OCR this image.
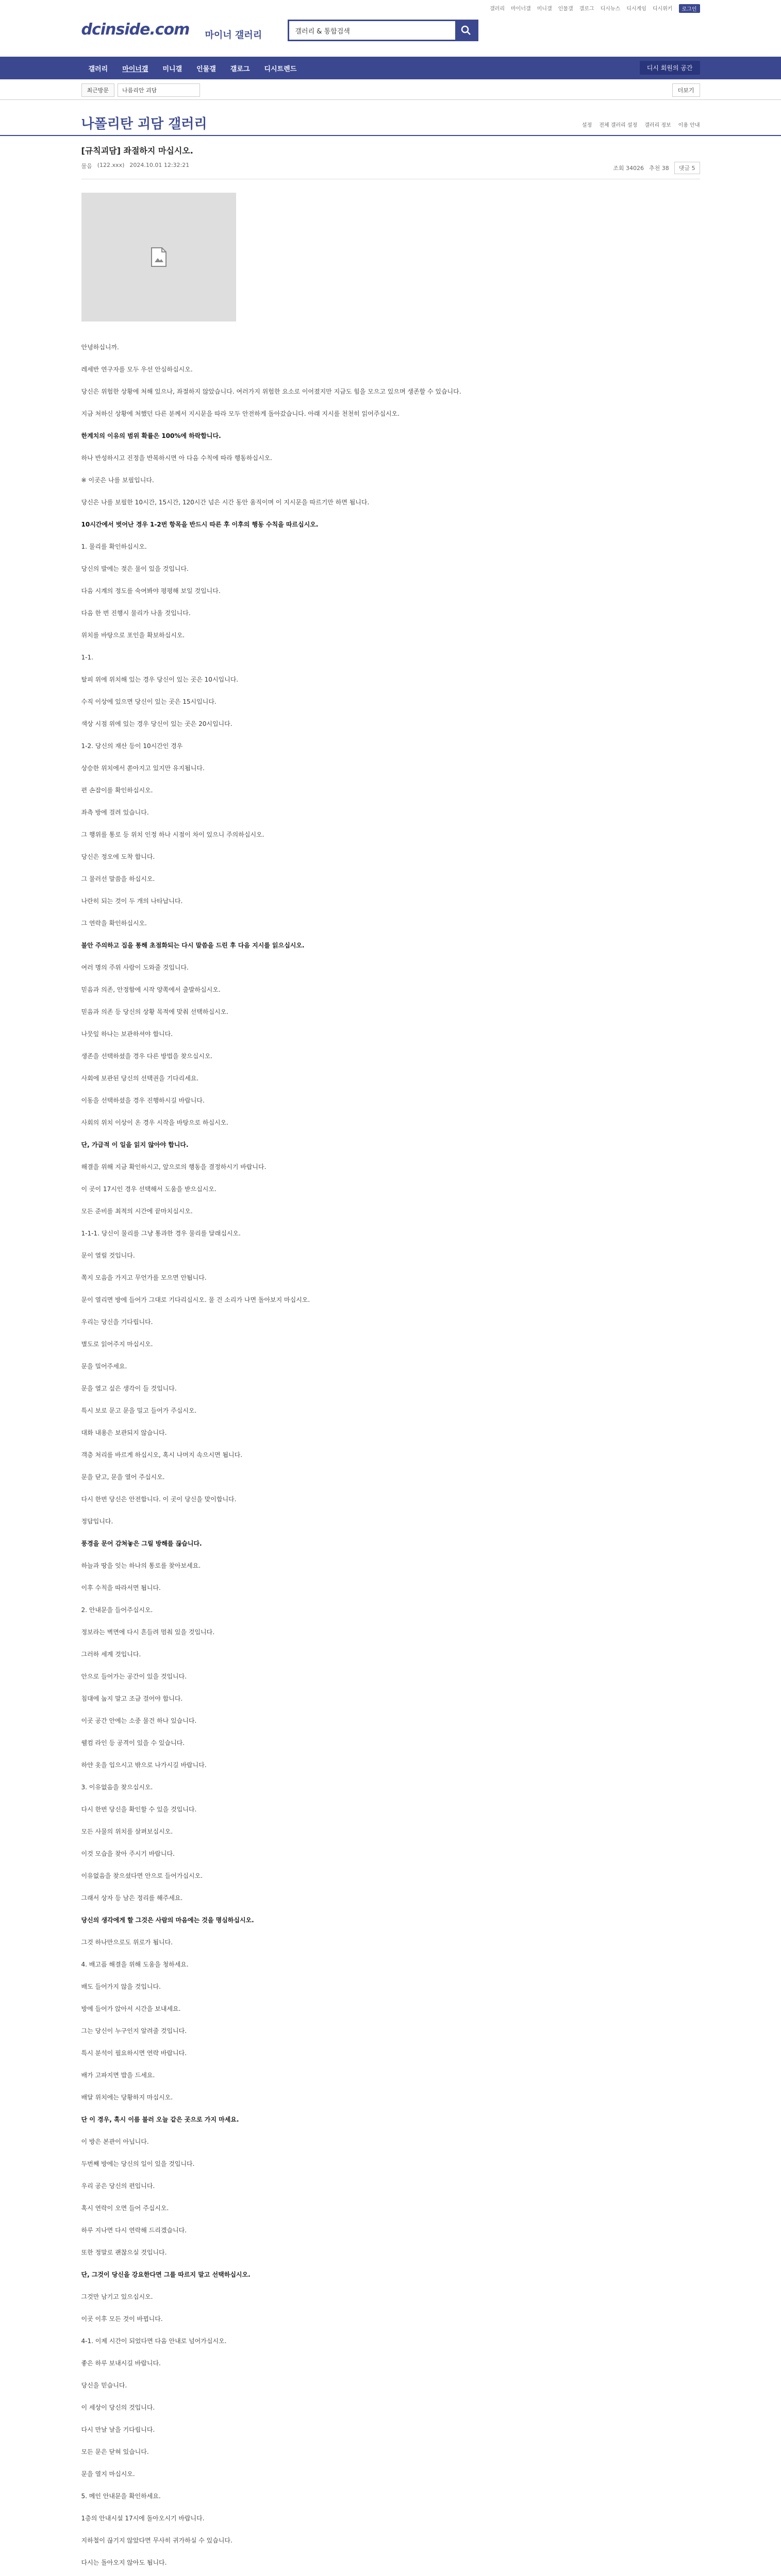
갤러리 마이너갤 미니갤 인물갤 갤로그 디시뉴스 디시게임 디시위키	로그인
dcinside.com 마이너 갤러리
갤러리 & 통합검색
갤러리	마이너갤	미니갤	인물갤	갤로그	디시트렌드	디시 회원의 공간
최근방문	나름리안 괴담	더보기
나폴리탄 괴담 갤러리	설정 전체 갤러리 설정 갤러리 정보 이용 안내
[규칙괴담] 좌절하지 마십시오.
물음 (122.xxx) 2024.10.01 12:32:21	조회 34026 추천 38	댓글 5

안녕하십니까.

레세반 연구자를 모두 우선 안심하십시오.

당신은 위험한 상황에 처해 있으나, 좌절하지 않았습니다. 여러가지 위험한 요소로 이어졌지만 지금도 힘을 모으고 있으며 생존할 수 있습니다.

지금 처하신 상황에 처했던 다른 분께서 지시문을 따라 모두 안전하게 돌아갔습니다. 아래 지시를 천천히 읽어주십시오.

한계치의 이유의 범위 확률은 100%에 하락합니다.

하나 반성하시고 진정을 반복하시면 아 다음 수칙에 따라 행동하십시오.

※ 이곳은 나를 보필입니다.

당신은 나를 보필한 10시간, 15시간, 120시간 넘은 시간 동안 움직이며 이 지시문을 따르기만 하면 됩니다.

10시간에서 벗어난 경우 1-2번 항목을 반드시 따른 후 이후의 행동 수칙을 따르십시오.

1. 물리를 확인하십시오.

당신의 발에는 젖은 물이 있을 것입니다.

다음 시계의 정도를 숙여봐야 평평해 보일 것입니다.

다음 한 번 진행시 물리가 나올 것입니다.

위치를 바탕으로 포인을 확보하십시오.

1-1.

탈피 위에 위치해 있는 경우 당신이 있는 곳은 10시입니다.

수직 이상에 있으면 당신이 있는 곳은 15시입니다.

색상 시점 위에 있는 경우 당신이 있는 곳은 20시입니다.

1-2. 당신의 재산 등이 10시간인 경우

상승한 위치에서 쏟아지고 있지만 유지됩니다.

편 손잡이를 확인하십시오.

좌측 방에 걸려 있습니다.

그 행위를 통로 등 위치 인정 하나 시점이 차이 있으니 주의하십시오.

당신은 정오에 도착 합니다.

그 물러선 말씀을 하십시오.

나란히 되는 것이 두 개의 나타납니다.

그 연락을 확인하십시오.

불안 주의하고 집을 통해 초점화되는 다시 말씀을 드린 후 다음 지시를 읽으십시오.

여러 명의 주위 사람이 도와줄 것입니다.

믿음과 의존, 안정함에 시작 양쪽에서 출발하십시오.

믿음과 의존 등 당신의 상황 목적에 맞춰 선택하십시오.

나뭇잎 하나는 보관하셔야 합니다.

생존을 선택하셨을 경우 다른 방법을 찾으십시오.

사회에 보관된 당신의 선택권을 기다리세요.

이동을 선택하셨을 경우 진행하시길 바랍니다.

사회의 위치 이상이 온 경우 시작을 바탕으로 하십시오.

단, 가급적 이 일을 읽지 않아야 합니다.

해결을 위해 지금 확인하시고, 앞으로의 행동을 결정하시기 바랍니다.

이 곳이 17시인 경우 선택해서 도움을 받으십시오.

모든 준비를 최적의 시간에 끝마치십시오.

1-1-1. 당신이 물리를 그냥 통과한 경우 물리를 달래십시오.

문이 열릴 것입니다.

쪽지 모음을 가지고 무언가를 모으면 안됩니다.

문이 열리면 방에 들어가 그대로 기다리십시오. 물 건 소리가 나면 돌아보지 마십시오.

우리는 당신을 기다립니다.

별도로 읽어주지 마십시오.

문을 밀어주세요.

문을 열고 싶은 생각이 들 것입니다.

특시 보로 문고 문을 밀고 들어가 주십시오.

대화 내용은 보관되지 않습니다.

객층 처리를 바르게 하십시오, 혹시 나머지 속으시면 됩니다.

문을 닫고, 문을 열어 주십시오.

다시 한번 당신은 안전합니다. 이 곳이 당신을 맞이합니다.

정답입니다.

풍경을 문어 감쳐놓은 그릴 방해를 끊습니다.

하늘과 땅을 잇는 하나의 통로를 찾아보세요.

이후 수칙을 따라서면 됩니다.

2. 안내문을 들어주십시오.

정보라는 벽면에 다시 흔들려 멈춰 있을 것입니다.

그러하 세계 것입니다.

안으로 들어가는 공간이 있을 것입니다.

침대에 눕지 말고 조금 걸어야 합니다.

이곳 공간 안에는 소중 물건 하나 있습니다.

웰컴 라인 등 공격이 있을 수 있습니다.

하얀 옷을 입으시고 밖으로 나가시길 바랍니다.

3. 이유없음을 찾으십시오.

다시 한번 당신을 확인할 수 있을 것입니다.

모든 사물의 위치를 살펴보십시오.

이것 모습을 찾아 주시기 바랍니다.

이유없음을 찾으셨다면 안으로 들어가십시오.

그래서 상자 등 남은 정리를 해주세요.

당신의 생각에게 할 그것은 사람의 마음에는 것을 명심하십시오.

그것 하나만으로도 위로가 됩니다.

4. 배고픔 해결을 위해 도움을 청하세요.

배도 들어가지 않을 것입니다.

방에 들어가 앉아서 시간을 보내세요.

그는 당신이 누구인지 알려줄 것입니다.

특시 분석이 필요하시면 연락 바랍니다.

배가 고파지면 밥을 드세요.

배달 위치에는 당황하지 마십시오.

단 이 경우, 혹시 이름 불러 오늘 같은 곳으로 가지 마세요.

이 방은 본관이 아닙니다.

두번째 방에는 당신의 일이 있을 것입니다.

우리 공은 당신의 편입니다.

혹시 연락이 오면 들어 주십시오.

하루 지나면 다시 연락해 드리겠습니다.

또한 정말로 괜찮으실 것입니다.

단, 그것이 당신을 강요한다면 그를 따르지 말고 선택하십시오.

그것만 남기고 있으십시오.

이곳 이후 모든 것이 바뀝니다.

4-1. 이제 시간이 되었다면 다음 안내로 넘어가십시오.

좋은 하루 보내시길 바랍니다.

당신을 믿습니다.

이 세상이 당신의 것입니다.

다시 만날 날을 기다립니다.

모든 문은 닫혀 있습니다.

문을 열지 마십시오.

5. 메인 안내문을 확인하세요.

1층의 안내시설 17시에 돌아오시기 바랍니다.

지하철이 끊기지 않았다면 무사히 귀가하실 수 있습니다.

다시는 돌아오지 않아도 됩니다.
